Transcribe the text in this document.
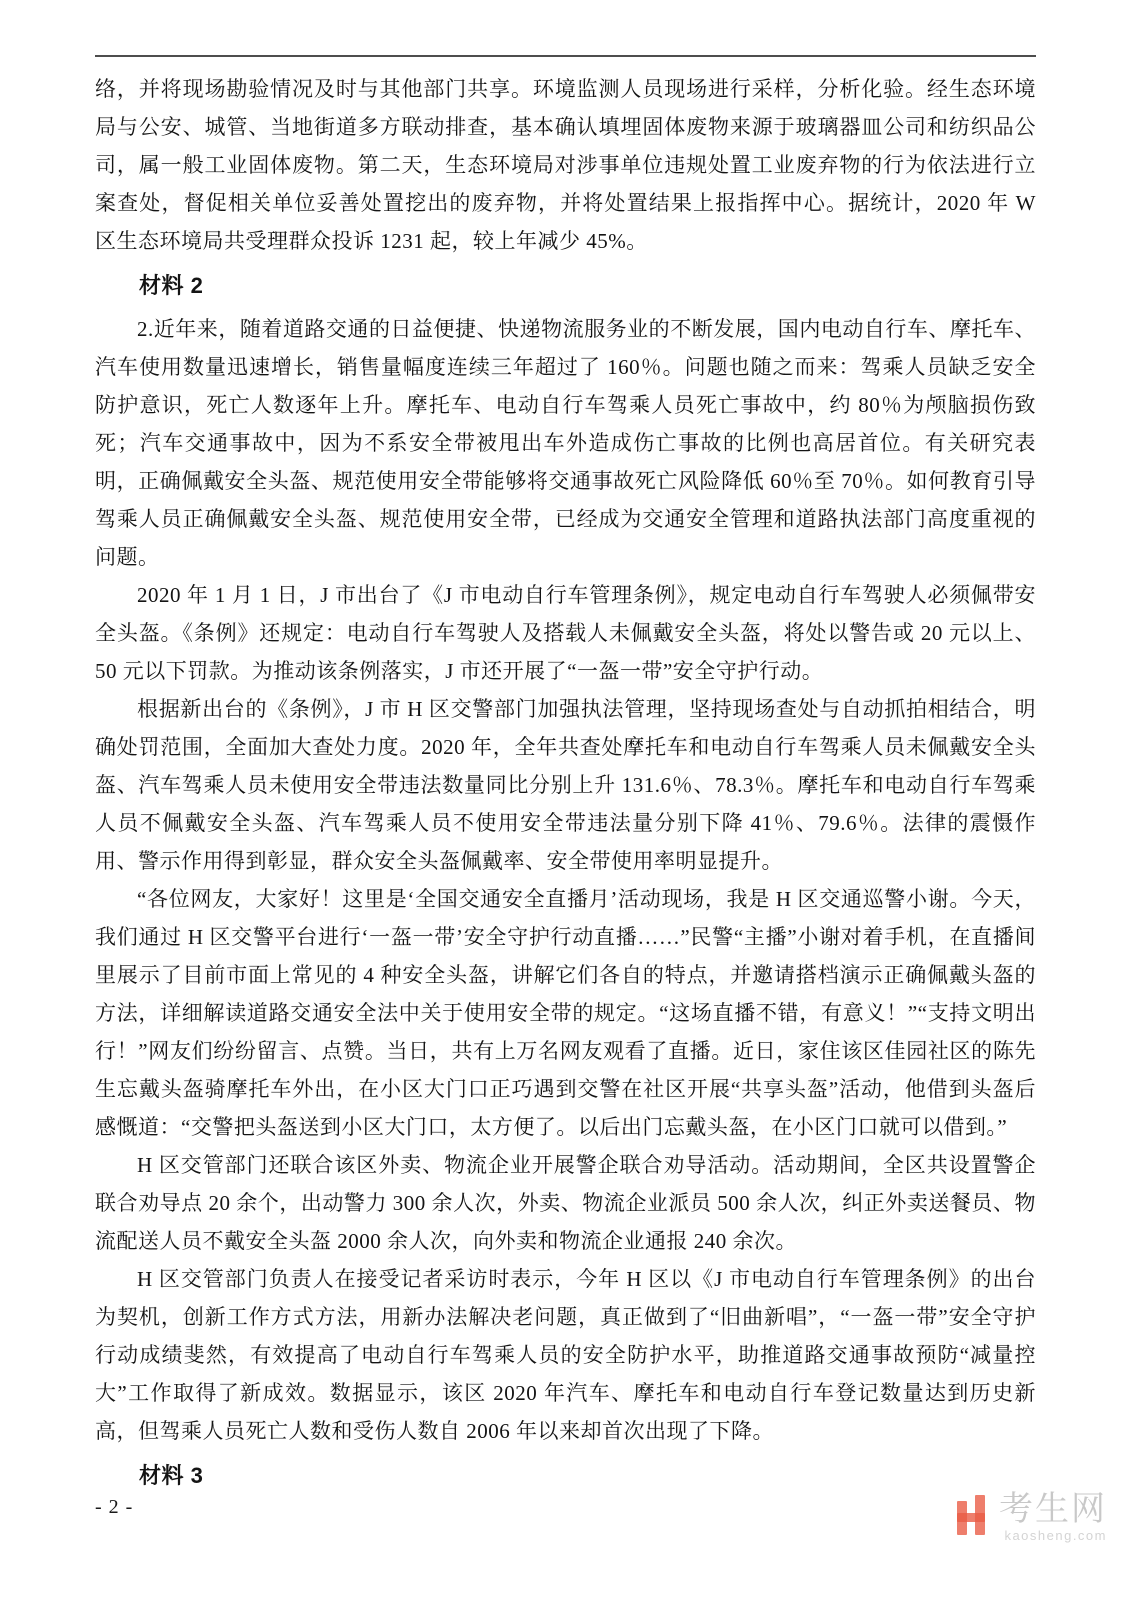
络，并将现场勘验情况及时与其他部门共享。环境监测人员现场进行采样，分析化验。经生态环境局与公安、城管、当地街道多方联动排查，基本确认填埋固体废物来源于玻璃器皿公司和纺织品公司，属一般工业固体废物。第二天，生态环境局对涉事单位违规处置工业废弃物的行为依法进行立案查处，督促相关单位妥善处置挖出的废弃物，并将处置结果上报指挥中心。据统计，2020 年 W 区生态环境局共受理群众投诉 1231 起，较上年减少 45%。

材料 2

2.近年来，随着道路交通的日益便捷、快递物流服务业的不断发展，国内电动自行车、摩托车、汽车使用数量迅速增长，销售量幅度连续三年超过了 160％。问题也随之而来：驾乘人员缺乏安全防护意识，死亡人数逐年上升。摩托车、电动自行车驾乘人员死亡事故中，约 80％为颅脑损伤致死；汽车交通事故中，因为不系安全带被甩出车外造成伤亡事故的比例也高居首位。有关研究表明，正确佩戴安全头盔、规范使用安全带能够将交通事故死亡风险降低 60％至 70％。如何教育引导驾乘人员正确佩戴安全头盔、规范使用安全带，已经成为交通安全管理和道路执法部门高度重视的问题。

2020 年 1 月 1 日，J 市出台了《J 市电动自行车管理条例》，规定电动自行车驾驶人必须佩带安全头盔。《条例》还规定：电动自行车驾驶人及搭载人未佩戴安全头盔，将处以警告或 20 元以上、50 元以下罚款。为推动该条例落实，J 市还开展了“一盔一带”安全守护行动。

根据新出台的《条例》，J 市 H 区交警部门加强执法管理，坚持现场查处与自动抓拍相结合，明确处罚范围，全面加大查处力度。2020 年，全年共查处摩托车和电动自行车驾乘人员未佩戴安全头盔、汽车驾乘人员未使用安全带违法数量同比分别上升 131.6％、78.3％。摩托车和电动自行车驾乘人员不佩戴安全头盔、汽车驾乘人员不使用安全带违法量分别下降 41％、79.6％。法律的震慑作用、警示作用得到彰显，群众安全头盔佩戴率、安全带使用率明显提升。

“各位网友，大家好！这里是‘全国交通安全直播月’活动现场，我是 H 区交通巡警小谢。今天，我们通过 H 区交警平台进行‘一盔一带’安全守护行动直播……”民警“主播”小谢对着手机，在直播间里展示了目前市面上常见的 4 种安全头盔，讲解它们各自的特点，并邀请搭档演示正确佩戴头盔的方法，详细解读道路交通安全法中关于使用安全带的规定。“这场直播不错，有意义！”“支持文明出行！”网友们纷纷留言、点赞。当日，共有上万名网友观看了直播。近日，家住该区佳园社区的陈先生忘戴头盔骑摩托车外出，在小区大门口正巧遇到交警在社区开展“共享头盔”活动，他借到头盔后感慨道：“交警把头盔送到小区大门口，太方便了。以后出门忘戴头盔，在小区门口就可以借到。”

H 区交管部门还联合该区外卖、物流企业开展警企联合劝导活动。活动期间，全区共设置警企联合劝导点 20 余个，出动警力 300 余人次，外卖、物流企业派员 500 余人次，纠正外卖送餐员、物流配送人员不戴安全头盔 2000 余人次，向外卖和物流企业通报 240 余次。

H 区交管部门负责人在接受记者采访时表示，今年 H 区以《J 市电动自行车管理条例》的出台为契机，创新工作方式方法，用新办法解决老问题，真正做到了“旧曲新唱”，“一盔一带”安全守护行动成绩斐然，有效提高了电动自行车驾乘人员的安全防护水平，助推道路交通事故预防“减量控大”工作取得了新成效。数据显示，该区 2020 年汽车、摩托车和电动自行车登记数量达到历史新高，但驾乘人员死亡人数和受伤人数自 2006 年以来却首次出现了下降。

材料 3
- 2 -	考生网
kaosheng.com
